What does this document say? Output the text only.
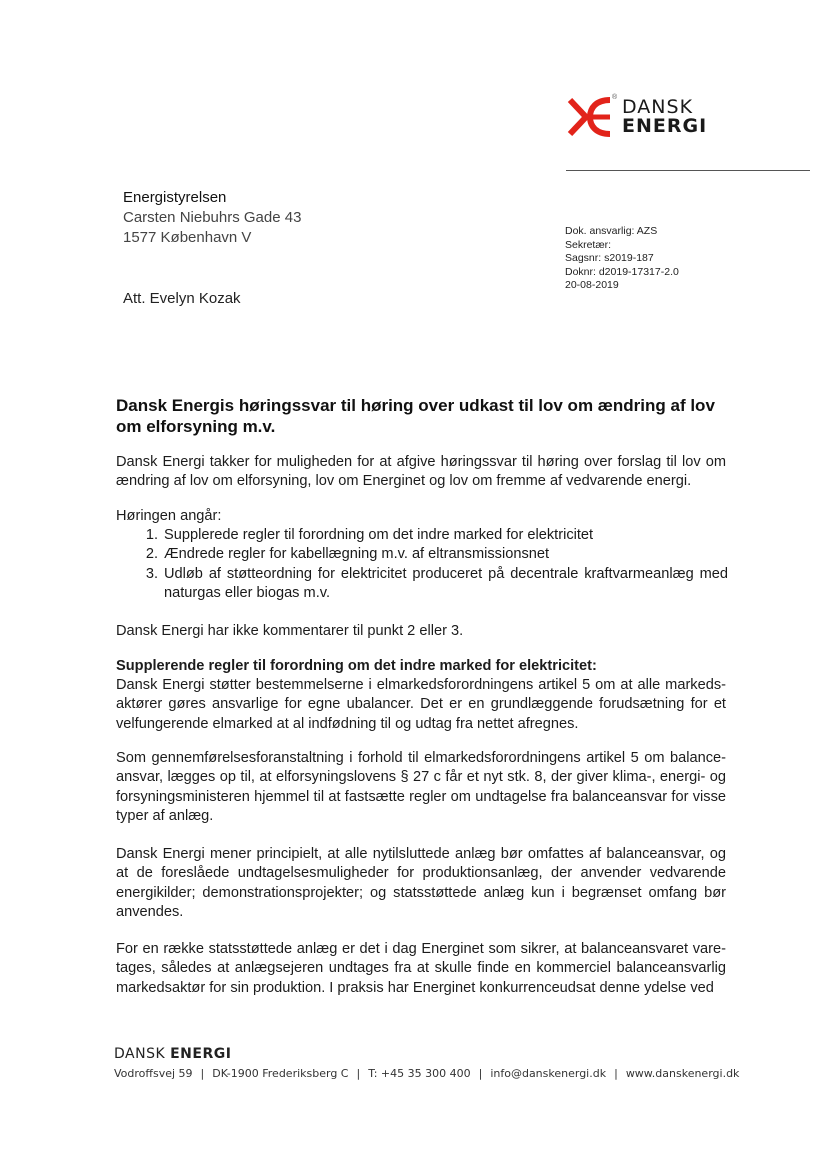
® DANSK
ENERGI
Energistyrelsen
Carsten Niebuhrs Gade 43
1577 København V	Dok. ansvarlig: AZS
Sekretær:
Sagsnr: s2019-187
Doknr: d2019-17317-2.0
20-08-2019
Att. Evelyn Kozak
Dansk Energis høringssvar til høring over udkast til lov om ændring af lov om elforsyning m.v.

Dansk Energi takker for muligheden for at afgive høringssvar til høring over forslag til lov om ændring af lov om elforsyning, lov om Energinet og lov om fremme af vedvarende energi.

Høringen angår:

1. Supplerede regler til forordning om det indre marked for elektricitet
2. Ændrede regler for kabellægning m.v. af eltransmissionsnet
3. Udløb af støtteordning for elektricitet produceret på decentrale kraftvarmeanlæg med naturgas eller biogas m.v.

Dansk Energi har ikke kommentarer til punkt 2 eller 3.

Supplerende regler til forordning om det indre marked for elektricitet:

Dansk Energi støtter bestemmelserne i elmarkedsforordningens artikel 5 om at alle markeds-aktører gøres ansvarlige for egne ubalancer. Det er en grundlæggende forudsætning for et velfungerende elmarked at al indfødning til og udtag fra nettet afregnes.

Som gennemførelsesforanstaltning i forhold til elmarkedsforordningens artikel 5 om balance-ansvar, lægges op til, at elforsyningslovens § 27 c får et nyt stk. 8, der giver klima-, energi- og forsyningsministeren hjemmel til at fastsætte regler om undtagelse fra balanceansvar for visse typer af anlæg.

Dansk Energi mener principielt, at alle nytilsluttede anlæg bør omfattes af balanceansvar, og at de foreslåede undtagelsesmuligheder for produktionsanlæg, der anvender vedvarende energikilder; demonstrationsprojekter; og statsstøttede anlæg kun i begrænset omfang bør anvendes.

For en række statsstøttede anlæg er det i dag Energinet som sikrer, at balanceansvaret vare-tages, således at anlægsejeren undtages fra at skulle finde en kommerciel balanceansvarlig markedsaktør for sin produktion. I praksis har Energinet konkurrenceudsat denne ydelse ved

DANSK ENERGI
Vodroffsvej 59 | DK-1900 Frederiksberg C | T: +45 35 300 400 | info@danskenergi.dk | www.danskenergi.dk
